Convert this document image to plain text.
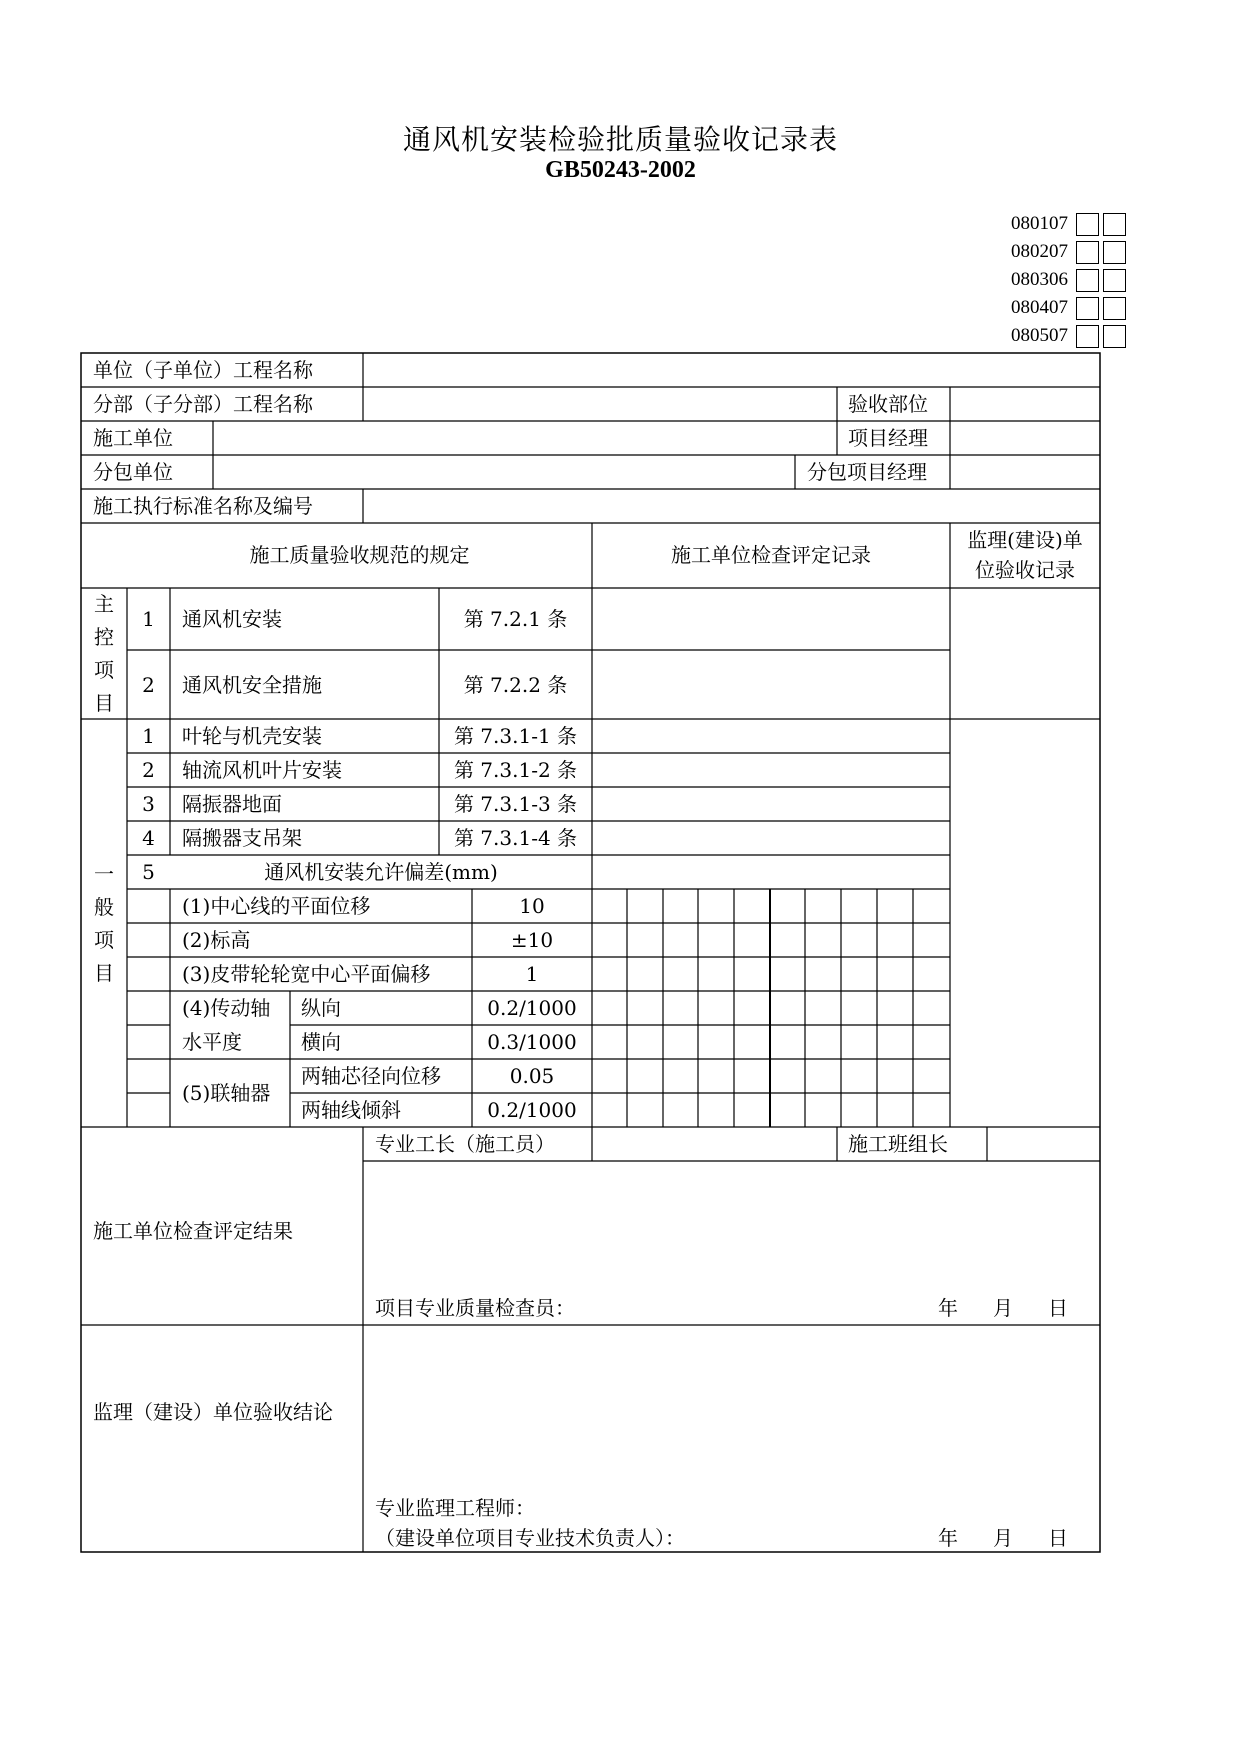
通风机安装检验批质量验收记录表
GB50243-2002
080107
080207
080306
080407
080507
单位（子单位）工程名称
分部（子分部）工程名称	验收部位
施工单位	项目经理
分包单位	分包项目经理
施工执行标准名称及编号
施工质量验收规范的规定	施工单位检查评定记录
监理(建设)单
位验收记录
主
控
项
目
1	通风机安装	第 7.2.1 条
2	通风机安全措施	第 7.2.2 条
一
般
项
目
1	叶轮与机壳安装	第 7.3.1-1 条
2	轴流风机叶片安装	第 7.3.1-2 条
3	隔振器地面	第 7.3.1-3 条
4	隔搬器支吊架	第 7.3.1-4 条
5	通风机安装允许偏差(mm)
(1)中心线的平面位移	10
(2)标高	±10
(3)皮带轮轮宽中心平面偏移	1
(4)传动轴
水平度
纵向	0.2/1000
横向	0.3/1000
(5)联轴器
两轴芯径向位移	0.05
两轴线倾斜	0.2/1000
专业工长（施工员）	施工班组长
施工单位检查评定结果
项目专业质量检查员：	年 月 日
监理（建设）单位验收结论
专业监理工程师：
（建设单位项目专业技术负责人）：	年 月 日
